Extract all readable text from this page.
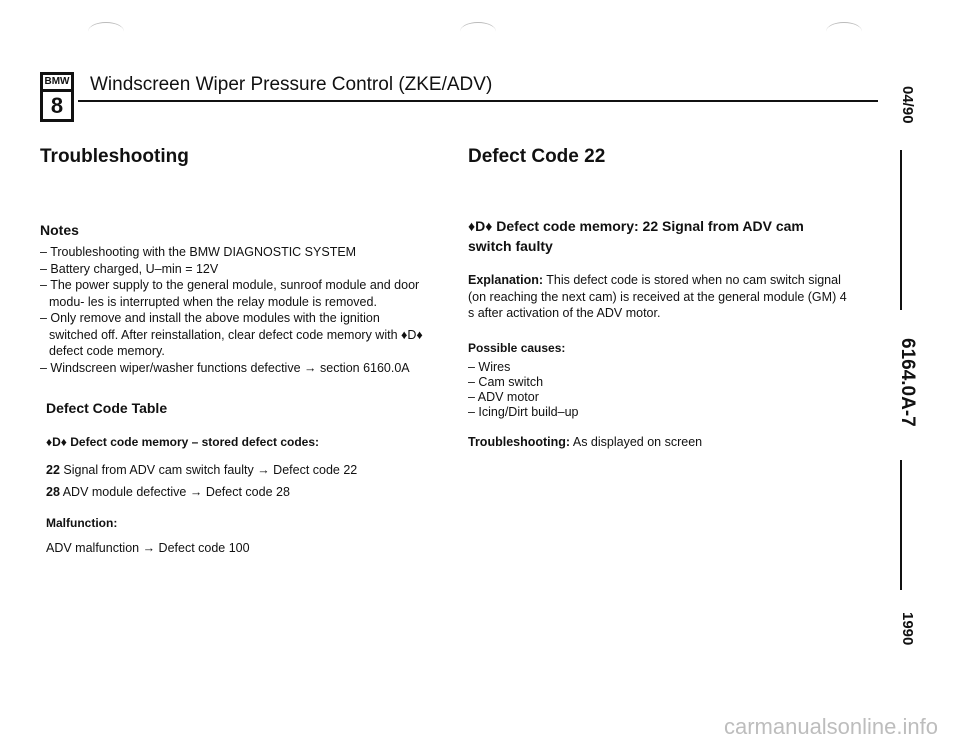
BMW
8
Windscreen Wiper Pressure Control (ZKE/ADV)
Troubleshooting
Notes
– Troubleshooting with the BMW DIAGNOSTIC SYSTEM
– Battery charged, U–min = 12V
– The power supply to the general module, sunroof module and door modu- les is interrupted when the relay module is removed.
– Only remove and install the above modules with the ignition switched off. After reinstallation, clear defect code memory with ♦D♦ defect code memory.
– Windscreen wiper/washer functions defective → section 6160.0A
Defect Code Table
♦D♦ Defect code memory – stored defect codes:
22 Signal from ADV cam switch faulty → Defect code 22
28 ADV module defective → Defect code 28
Malfunction:
ADV malfunction → Defect code 100
Defect Code 22
♦D♦ Defect code memory: 22 Signal from ADV cam switch faulty
Explanation: This defect code is stored when no cam switch signal (on reaching the next cam) is received at the general module (GM) 4 s after activation of the ADV motor.
Possible causes:
– Wires
– Cam switch
– ADV motor
– Icing/Dirt build–up
Troubleshooting: As displayed on screen
04/90
6164.0A-7
1990
carmanualsonline.info
